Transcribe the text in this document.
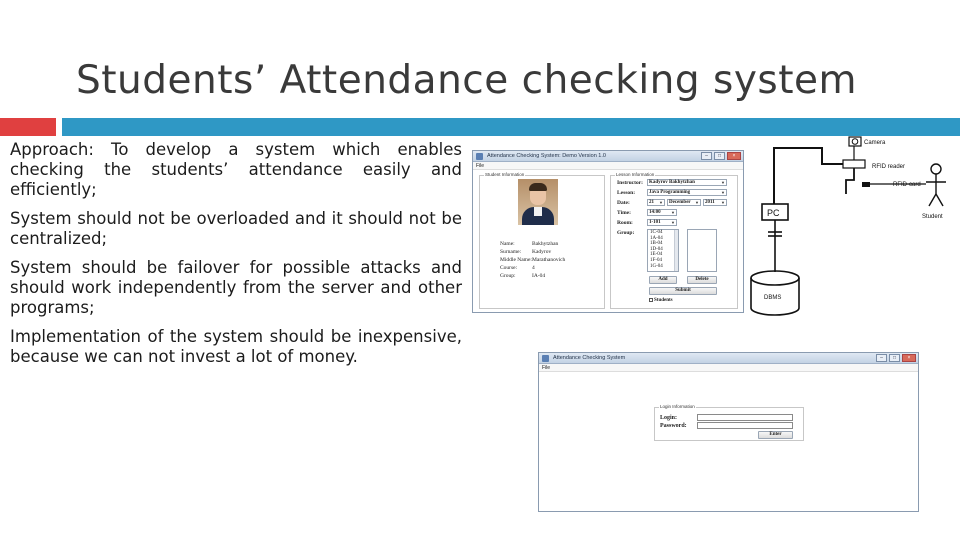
Students’ Attendance checking system
Approach: To develop a system which enables checking the students’ attendance easily and efficiently;
System should not be overloaded and it should not be centralized;
System should be failover for possible attacks and should work independently from the server and other programs;
Implementation of the system should be inexpensive, because we can not invest a lot of money.
Attendance Checking System: Demo Version 1.0	–	□	×
File
Student Information
Name:	Bakhytzhan
Surname: Kadyrov
Middle Name:Marathanovich
Course:	4
Group:	IA-04
Lesson Information
Instructor:	Kadyrov Bakhytzhan	▼
Lesson:	Java Programming	▼
Date:	21 ▼	December ▼	2011 ▼
Time:	14:00	▼
Room:	1-101	▼
Group:	1C-04
1A-04
1B-04
1D-04
1E-04
1F-04
1G-04
Add	Delete
Submit
Students
Camera
RFID reader
RFID-card
Student
PC
DBMS
Attendance Checking System	–	□	×
File
Login Information
Login:
Password:
Enter
